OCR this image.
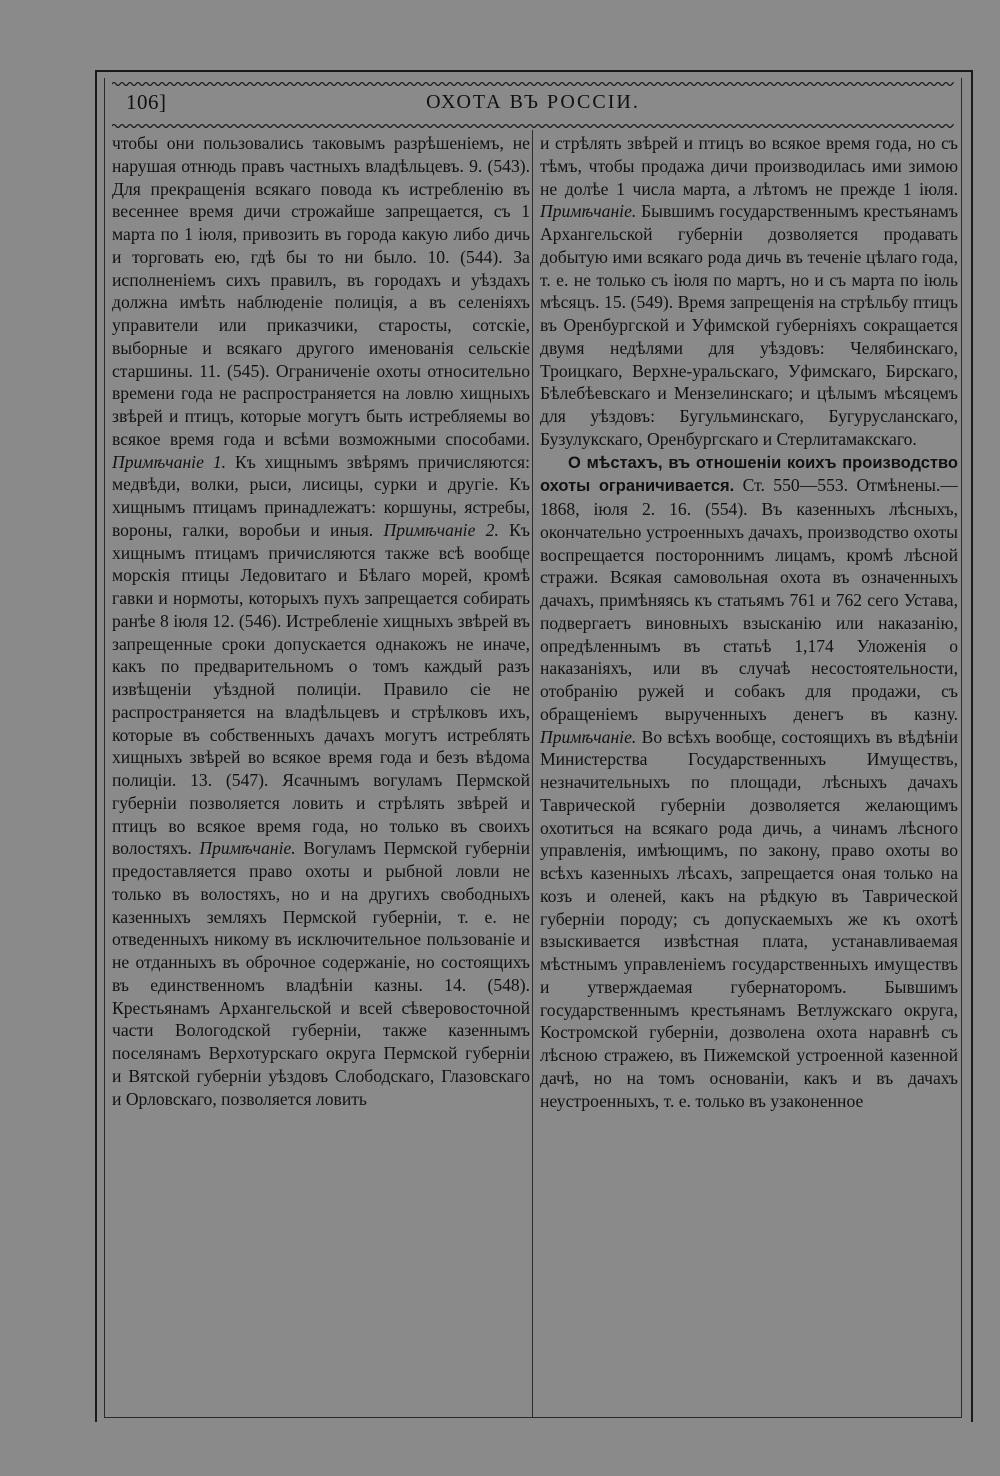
106]	ОХОТА ВЪ РОССІИ.

чтобы они пользовались таковымъ разрѣшеніемъ, не нарушая отнюдь правъ частныхъ владѣльцевъ. 9. (543). Для прекращенія всякаго повода къ истребленію въ весеннее время дичи строжайше запрещается, съ 1 марта по 1 іюля, привозить въ города какую либо дичь и торговать ею, гдѣ бы то ни было. 10. (544). За исполненіемъ сихъ правилъ, въ городахъ и уѣздахъ должна имѣть наблюденіе полиція, а въ селеніяхъ управители или приказчики, старосты, сотскіе, выборные и всякаго другого именованія сельскіе старшины. 11. (545). Ограниченіе охоты относительно времени года не распространяется на ловлю хищныхъ звѣрей и птицъ, которые могутъ быть истребляемы во всякое время года и всѣми возможными способами. Примѣчаніе 1. Къ хищнымъ звѣрямъ причисляются: медвѣди, волки, рыси, лисицы, сурки и другіе. Къ хищнымъ птицамъ принадлежатъ: коршуны, ястребы, вороны, галки, воробьи и иныя. Примѣчаніе 2. Къ хищнымъ птицамъ причисляются также всѣ вообще морскія птицы Ледовитаго и Бѣлаго морей, кромѣ гавки и нормоты, которыхъ пухъ запрещается собирать ранѣе 8 іюля 12. (546). Истребленіе хищныхъ звѣрей въ запрещенные сроки допускается однакожъ не иначе, какъ по предварительномъ о томъ каждый разъ извѣщеніи уѣздной полиціи. Правило сіе не распространяется на владѣльцевъ и стрѣлковъ ихъ, которые въ собственныхъ дачахъ могутъ истреблять хищныхъ звѣрей во всякое время года и безъ вѣдома полиціи. 13. (547). Ясачнымъ вогуламъ Пермской губерніи позволяется ловить и стрѣлять звѣрей и птицъ во всякое время года, но только въ своихъ волостяхъ. Примѣчаніе. Вогуламъ Пермской губерніи предоставляется право охоты и рыбной ловли не только въ волостяхъ, но и на другихъ свободныхъ казенныхъ земляхъ Пермской губерніи, т. е. не отведенныхъ никому въ исключительное пользованіе и не отданныхъ въ оброчное содержаніе, но состоящихъ въ единственномъ владѣніи казны. 14. (548). Крестьянамъ Архангельской и всей сѣверовосточной части Вологодской губерніи, также казеннымъ поселянамъ Верхотурскаго округа Пермской губерніи и Вятской губерніи уѣздовъ Слободскаго, Глазовскаго и Орловскаго, позволяется ловить

и стрѣлять звѣрей и птицъ во всякое время года, но съ тѣмъ, чтобы продажа дичи производилась ими зимою не долѣе 1 числа марта, а лѣтомъ не прежде 1 іюля. Примѣчаніе. Бывшимъ государственнымъ крестьянамъ Архангельской губерніи дозволяется продавать добытую ими всякаго рода дичь въ теченіе цѣлаго года, т. е. не только съ іюля по мартъ, но и съ марта по іюль мѣсяцъ. 15. (549). Время запрещенія на стрѣльбу птицъ въ Оренбургской и Уфимской губерніяхъ сокращается двумя недѣлями для уѣздовъ: Челябинскаго, Троицкаго, Верхне-уральскаго, Уфимскаго, Бирскаго, Бѣлебѣевскаго и Мензелинскаго; и цѣлымъ мѣсяцемъ для уѣздовъ: Бугульминскаго, Бугурусланскаго, Бузулукскаго, Оренбургскаго и Стерлитамакскаго.

О мѣстахъ, въ отношеніи коихъ производство охоты ограничивается. Ст. 550—553. Отмѣнены.—1868, іюля 2. 16. (554). Въ казенныхъ лѣсныхъ, окончательно устроенныхъ дачахъ, производство охоты воспрещается постороннимъ лицамъ, кромѣ лѣсной стражи. Всякая самовольная охота въ означенныхъ дачахъ, примѣняясь къ статьямъ 761 и 762 сего Устава, подвергаетъ виновныхъ взысканію или наказанію, опредѣленнымъ въ статьѣ 1,174 Уложенія о наказаніяхъ, или въ случаѣ несостоятельности, отобранію ружей и собакъ для продажи, съ обращеніемъ вырученныхъ денегъ въ казну. Примѣчаніе. Во всѣхъ вообще, состоящихъ въ вѣдѣніи Министерства Государственныхъ Имуществъ, незначительныхъ по площади, лѣсныхъ дачахъ Таврической губерніи дозволяется желающимъ охотиться на всякаго рода дичь, а чинамъ лѣсного управленія, имѣющимъ, по закону, право охоты во всѣхъ казенныхъ лѣсахъ, запрещается оная только на козъ и оленей, какъ на рѣдкую въ Таврической губерніи породу; съ допускаемыхъ же къ охотѣ взыскивается извѣстная плата, устанавливаемая мѣстнымъ управленіемъ государственныхъ имуществъ и утверждаемая губернаторомъ. Бывшимъ государственнымъ крестьянамъ Ветлужскаго округа, Костромской губерніи, дозволена охота наравнѣ съ лѣсною стражею, въ Пижемской устроенной казенной дачѣ, но на томъ основаніи, какъ и въ дачахъ неустроенныхъ, т. е. только въ узаконенное
